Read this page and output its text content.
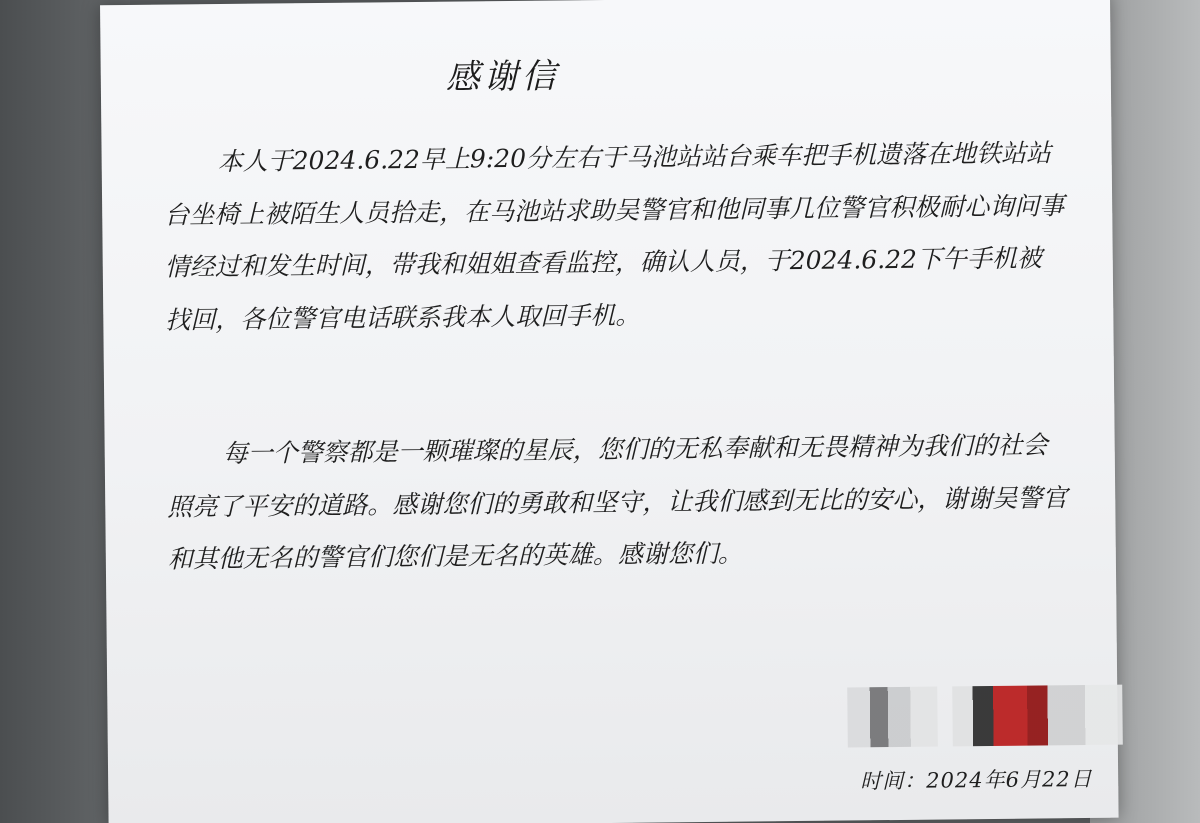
感谢信

本人于2024.6.22早上9:20分左右于马池站站台乘车把手机遗落在地铁站站台坐椅上被陌生人员拾走，在马池站求助吴警官和他同事几位警官积极耐心询问事情经过和发生时间，带我和姐姐查看监控，确认人员，于2024.6.22下午手机被找回，各位警官电话联系我本人取回手机。

每一个警察都是一颗璀璨的星辰，您们的无私奉献和无畏精神为我们的社会照亮了平安的道路。感谢您们的勇敢和坚守，让我们感到无比的安心，谢谢吴警官和其他无名的警官们您们是无名的英雄。感谢您们。

时间：2024年6月22日
